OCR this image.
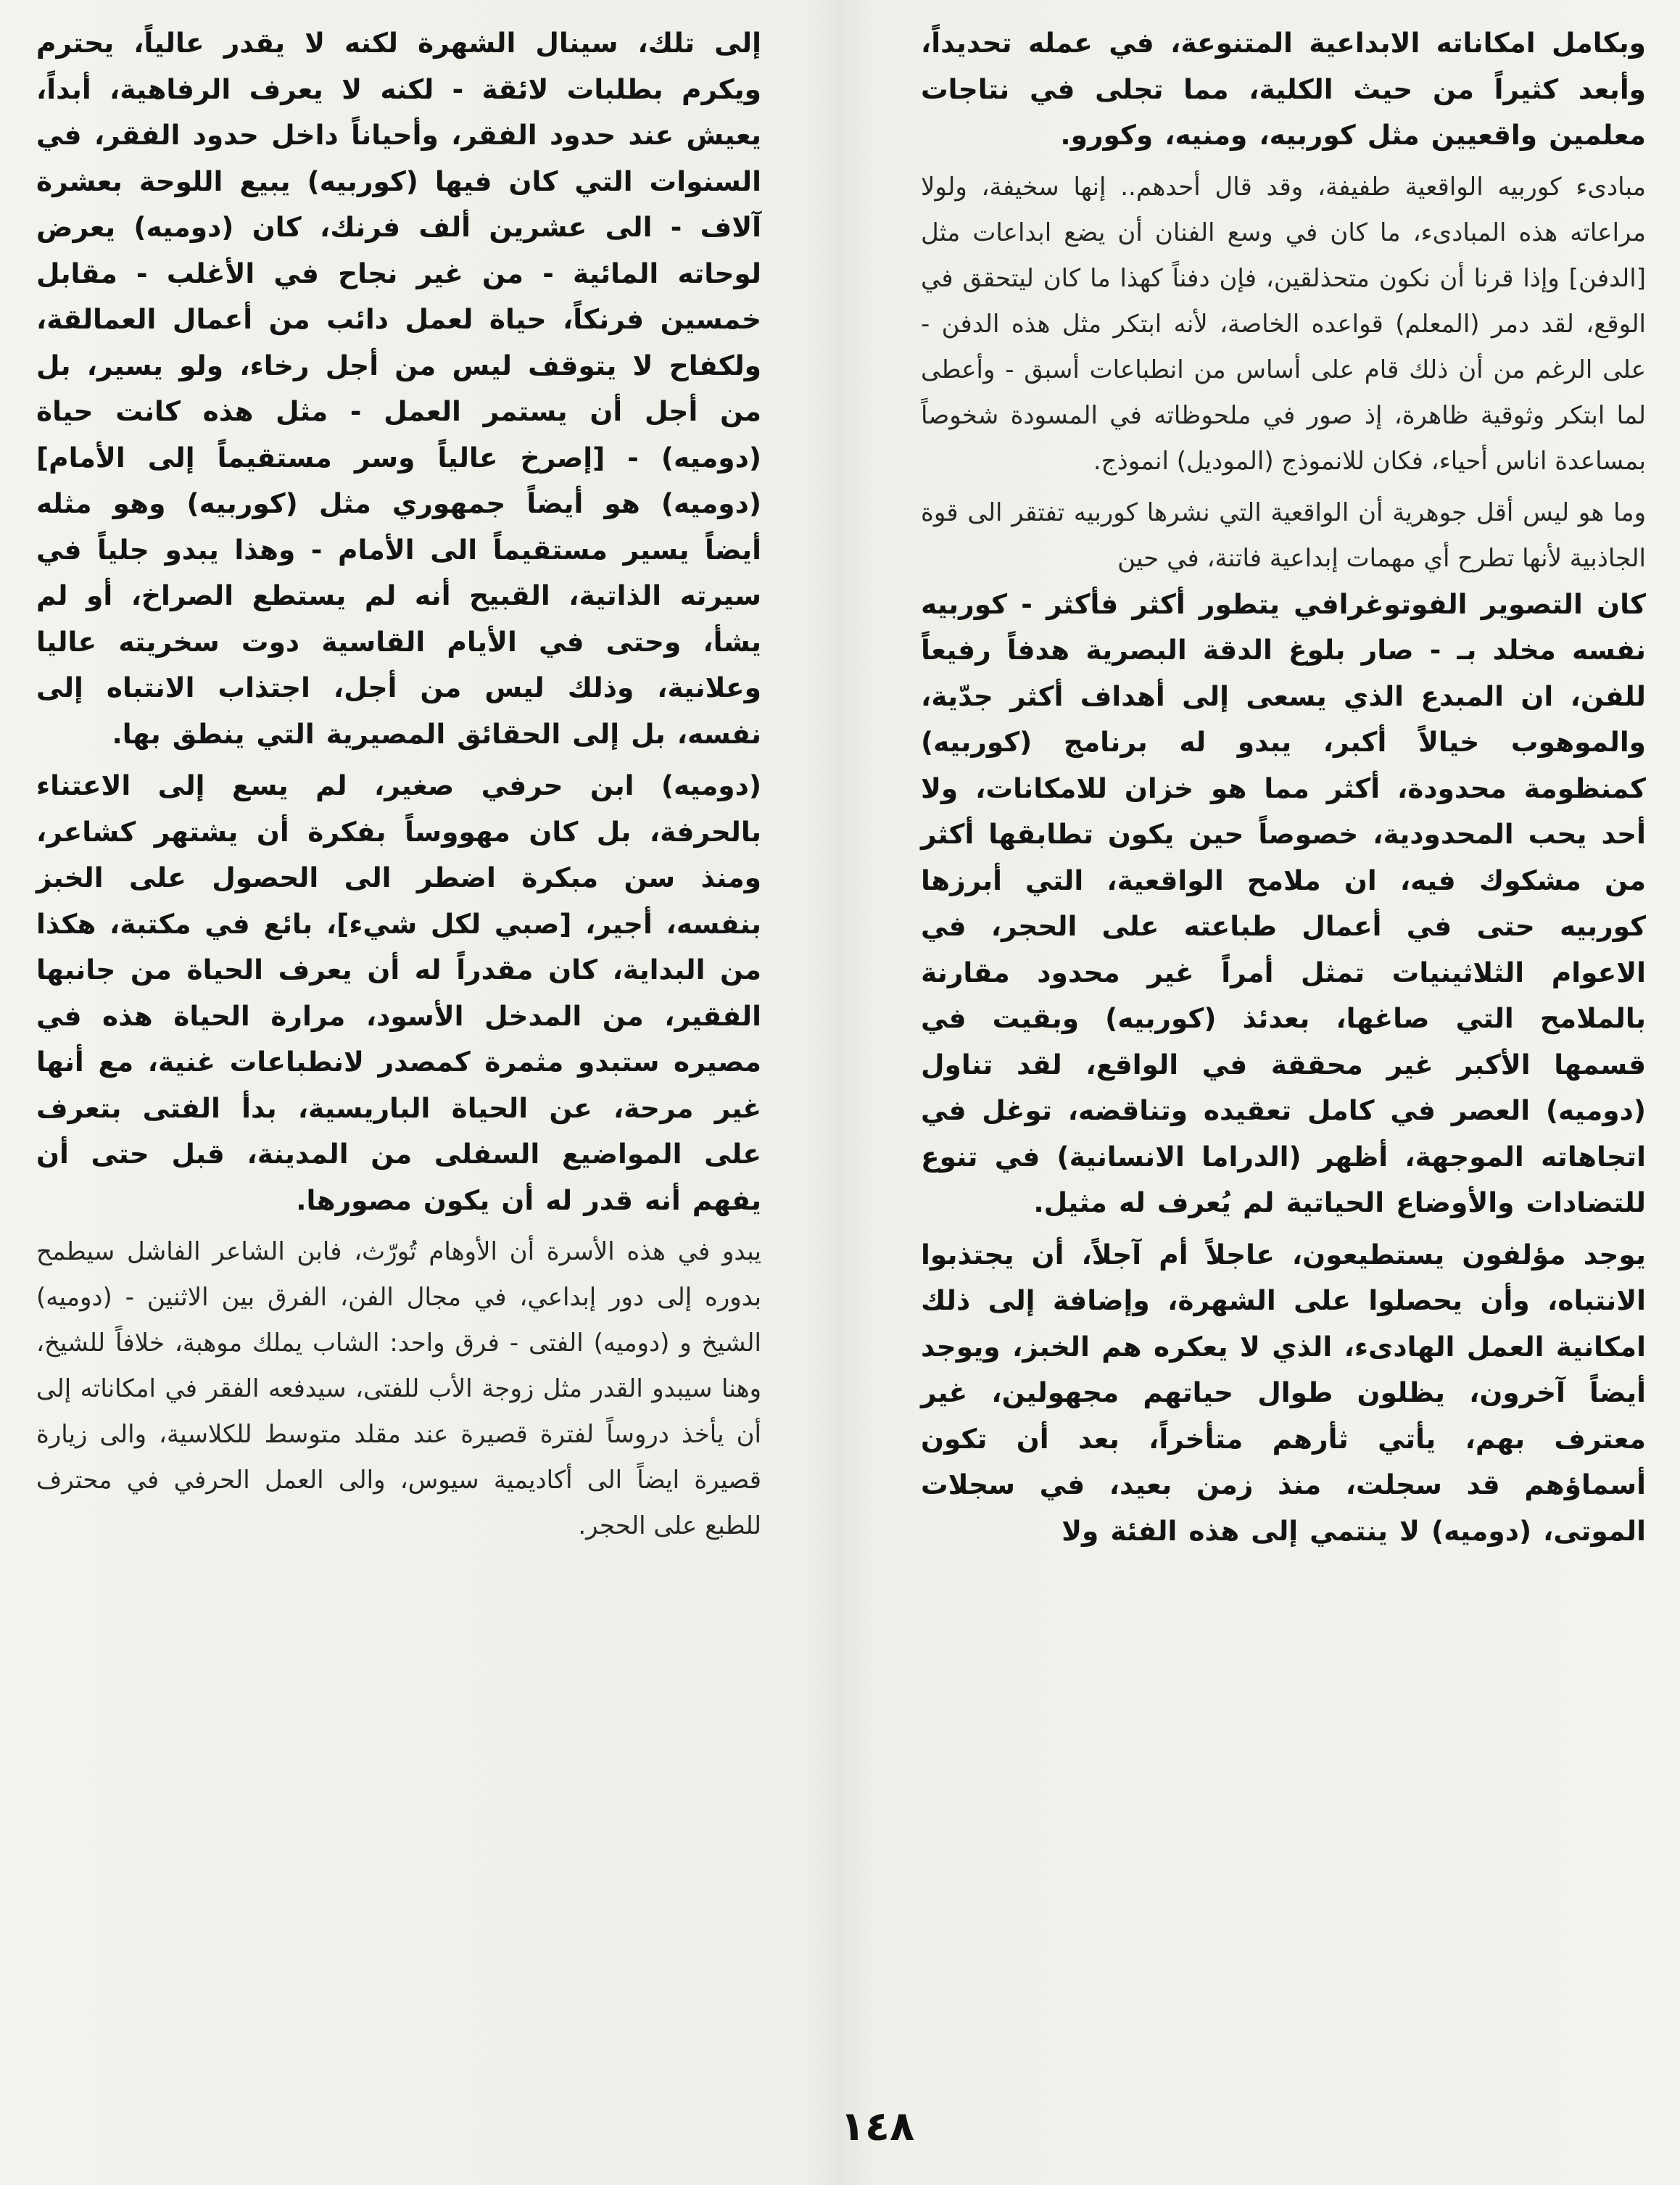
وبكامل امكاناته الابداعية المتنوعة، في عمله تحديداً، وأبعد كثيراً من حيث الكلية، مما تجلى في نتاجات معلمين واقعيين مثل كوربيه، ومنيه، وكورو.

مبادىء كوربيه الواقعية طفيفة، وقد قال أحدهم.. إنها سخيفة، ولولا مراعاته هذه المبادىء، ما كان في وسع الفنان أن يضع ابداعات مثل [الدفن] وإذا قرنا أن نكون متحذلقين، فإن دفناً كهذا ما كان ليتحقق في الوقع، لقد دمر (المعلم) قواعده الخاصة، لأنه ابتكر مثل هذه الدفن - على الرغم من أن ذلك قام على أساس من انطباعات أسبق - وأعطى لما ابتكر وثوقية ظاهرة، إذ صور في ملحوظاته في المسودة شخوصاً بمساعدة اناس أحياء، فكان للانموذج (الموديل) انموذج.

وما هو ليس أقل جوهرية أن الواقعية التي نشرها كوربيه تفتقر الى قوة الجاذبية لأنها تطرح أي مهمات إبداعية فاتنة، في حين

كان التصوير الفوتوغرافي يتطور أكثر فأكثر - كوربيه نفسه مخلد بـ - صار بلوغ الدقة البصرية هدفاً رفيعاً للفن، ان المبدع الذي يسعى إلى أهداف أكثر جدّية، والموهوب خيالاً أكبر، يبدو له برنامج (كوربيه) كمنظومة محدودة، أكثر مما هو خزان للامكانات، ولا أحد يحب المحدودية، خصوصاً حين يكون تطابقها أكثر من مشكوك فيه، ان ملامح الواقعية، التي أبرزها كوربيه حتى في أعمال طباعته على الحجر، في الاعوام الثلاثينيات تمثل أمراً غير محدود مقارنة بالملامح التي صاغها، بعدئذ (كوربيه) وبقيت في قسمها الأكبر غير محققة في الواقع، لقد تناول (دوميه) العصر في كامل تعقيده وتناقضه، توغل في اتجاهاته الموجهة، أظهر (الدراما الانسانية) في تنوع للتضادات والأوضاع الحياتية لم يُعرف له مثيل.

يوجد مؤلفون يستطيعون، عاجلاً أم آجلاً، أن يجتذبوا الانتباه، وأن يحصلوا على الشهرة، وإضافة إلى ذلك امكانية العمل الهادىء، الذي لا يعكره هم الخبز، ويوجد أيضاً آخرون، يظلون طوال حياتهم مجهولين، غير معترف بهم، يأتي ثأرهم متأخراً، بعد أن تكون أسماؤهم قد سجلت، منذ زمن بعيد، في سجلات الموتى، (دوميه) لا ينتمي إلى هذه الفئة ولا

إلى تلك، سينال الشهرة لكنه لا يقدر عالياً، يحترم ويكرم بطلبات لائقة - لكنه لا يعرف الرفاهية، أبداً، يعيش عند حدود الفقر، وأحياناً داخل حدود الفقر، في السنوات التي كان فيها (كوربيه) يبيع اللوحة بعشرة آلاف - الى عشرين ألف فرنك، كان (دوميه) يعرض لوحاته المائية - من غير نجاح في الأغلب - مقابل خمسين فرنكاً، حياة لعمل دائب من أعمال العمالقة، ولكفاح لا يتوقف ليس من أجل رخاء، ولو يسير، بل من أجل أن يستمر العمل - مثل هذه كانت حياة (دوميه) - [إصرخ عالياً وسر مستقيماً إلى الأمام] (دوميه) هو أيضاً جمهوري مثل (كوربيه) وهو مثله أيضاً يسير مستقيماً الى الأمام - وهذا يبدو جلياً في سيرته الذاتية، القبيح أنه لم يستطع الصراخ، أو لم يشأ، وحتى في الأيام القاسية دوت سخريته عاليا وعلانية، وذلك ليس من أجل، اجتذاب الانتباه إلى نفسه، بل إلى الحقائق المصيرية التي ينطق بها.

(دوميه) ابن حرفي صغير، لم يسع إلى الاعتناء بالحرفة، بل كان مهووساً بفكرة أن يشتهر كشاعر، ومنذ سن مبكرة اضطر الى الحصول على الخبز بنفسه، أجير، [صبي لكل شيء]، بائع في مكتبة، هكذا من البداية، كان مقدراً له أن يعرف الحياة من جانبها الفقير، من المدخل الأسود، مرارة الحياة هذه في مصيره ستبدو مثمرة كمصدر لانطباعات غنية، مع أنها غير مرحة، عن الحياة الباريسية، بدأ الفتى بتعرف على المواضيع السفلى من المدينة، قبل حتى أن يفهم أنه قدر له أن يكون مصورها.

يبدو في هذه الأسرة أن الأوهام تُورّث، فابن الشاعر الفاشل سيطمح بدوره إلى دور إبداعي، في مجال الفن، الفرق بين الاثنين - (دوميه) الشيخ و (دوميه) الفتى - فرق واحد: الشاب يملك موهبة، خلافاً للشيخ، وهنا سيبدو القدر مثل زوجة الأب للفتى، سيدفعه الفقر في امكاناته إلى أن يأخذ دروساً لفترة قصيرة عند مقلد متوسط للكلاسية، والى زيارة قصيرة ايضاً الى أكاديمية سيوس، والى العمل الحرفي في محترف للطبع على الحجر.

١٤٨
